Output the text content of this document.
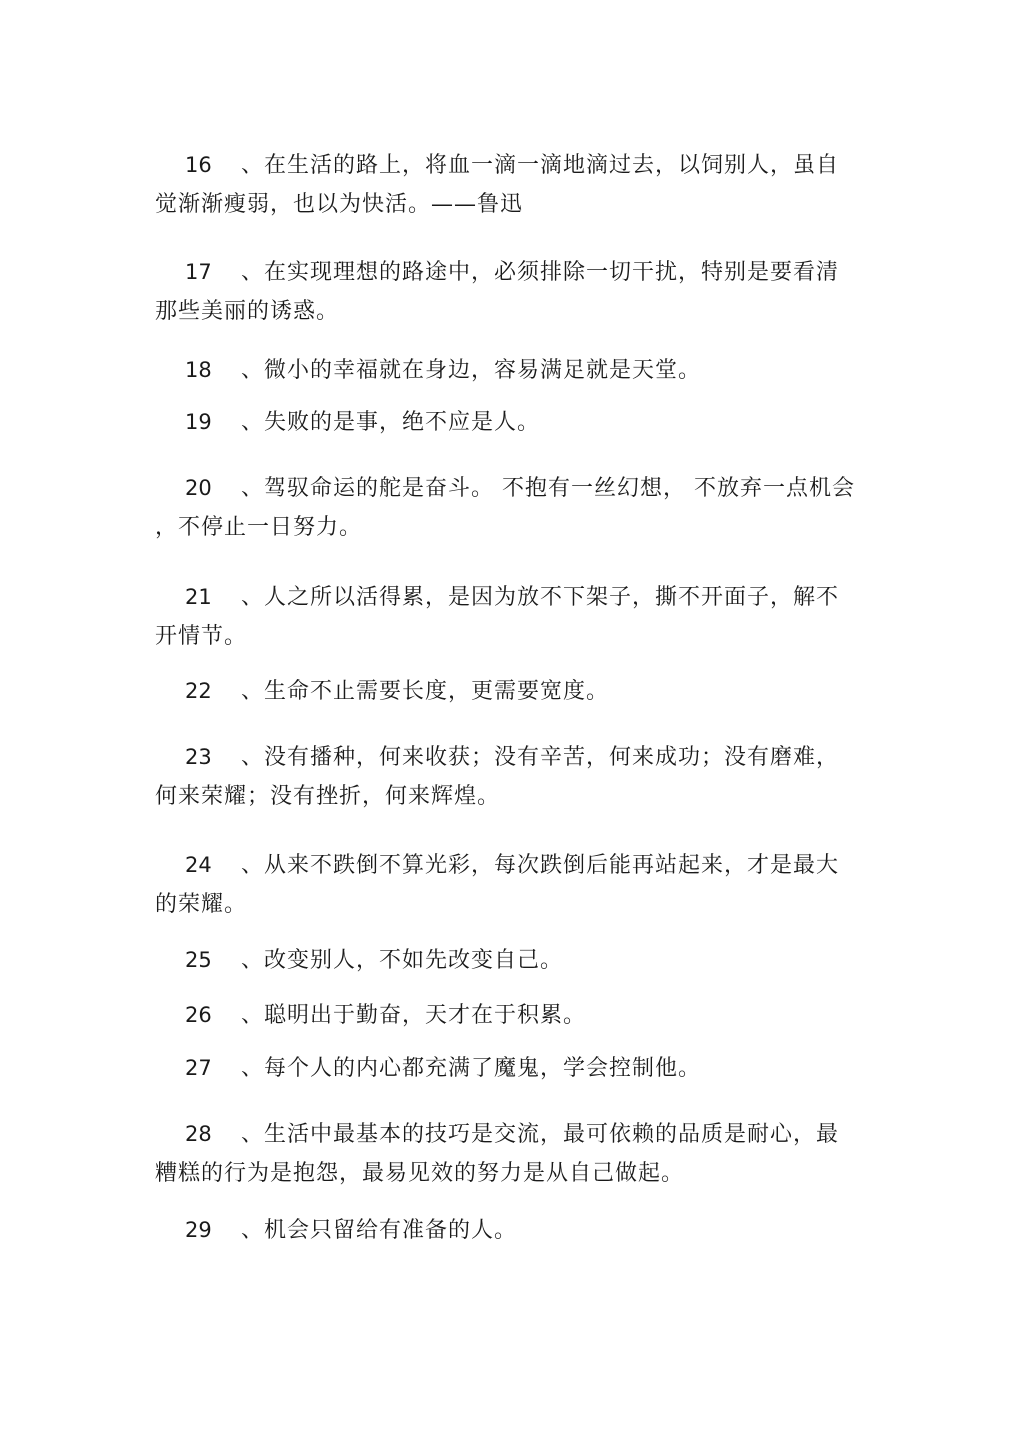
16 、在生活的路上，将血一滴一滴地滴过去，以饲别人，虽自
觉渐渐瘦弱，也以为快活。——鲁迅
17 、在实现理想的路途中，必须排除一切干扰，特别是要看清
那些美丽的诱惑。
18 、微小的幸福就在身边，容易满足就是天堂。
19 、失败的是事，绝不应是人。
20 、驾驭命运的舵是奋斗。 不抱有一丝幻想， 不放弃一点机会
，不停止一日努力。
21 、人之所以活得累，是因为放不下架子，撕不开面子，解不
开情节。
22 、生命不止需要长度，更需要宽度。
23 、没有播种，何来收获；没有辛苦，何来成功；没有磨难，
何来荣耀；没有挫折，何来辉煌。
24 、从来不跌倒不算光彩，每次跌倒后能再站起来，才是最大
的荣耀。
25 、改变别人，不如先改变自己。
26 、聪明出于勤奋，天才在于积累。
27 、每个人的内心都充满了魔鬼，学会控制他。
28 、生活中最基本的技巧是交流，最可依赖的品质是耐心，最
糟糕的行为是抱怨，最易见效的努力是从自己做起。
29 、机会只留给有准备的人。
